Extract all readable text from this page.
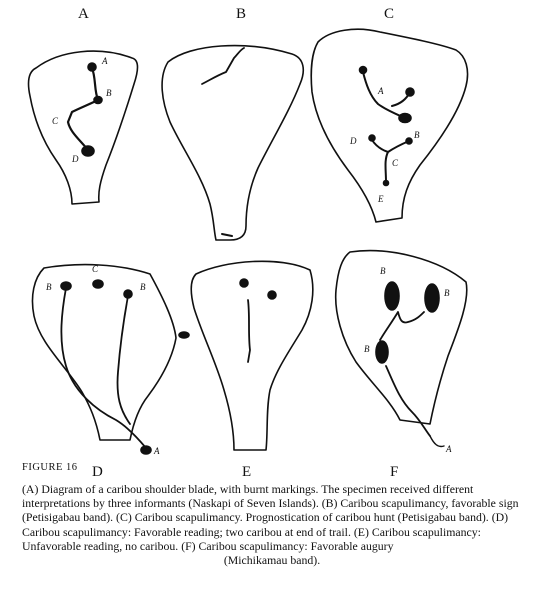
A	B	C
D	E	F
A
B
C
D
A
B
C
D
E
B
C
B
A
B
B
B
A
FIGURE 16

(A) Diagram of a caribou shoulder blade, with burnt markings. The specimen received different interpretations by three informants (Naskapi of Seven Islands). (B) Caribou scapulimancy, favorable sign (Petisigabau band). (C) Caribou scapulimancy. Prognostication of caribou hunt (Petisigabau band). (D) Caribou scapulimancy: Favorable reading; two caribou at end of trail. (E) Caribou scapulimancy: Unfavorable reading, no caribou. (F) Caribou scapulimancy: Favorable augury

(Michikamau band).
